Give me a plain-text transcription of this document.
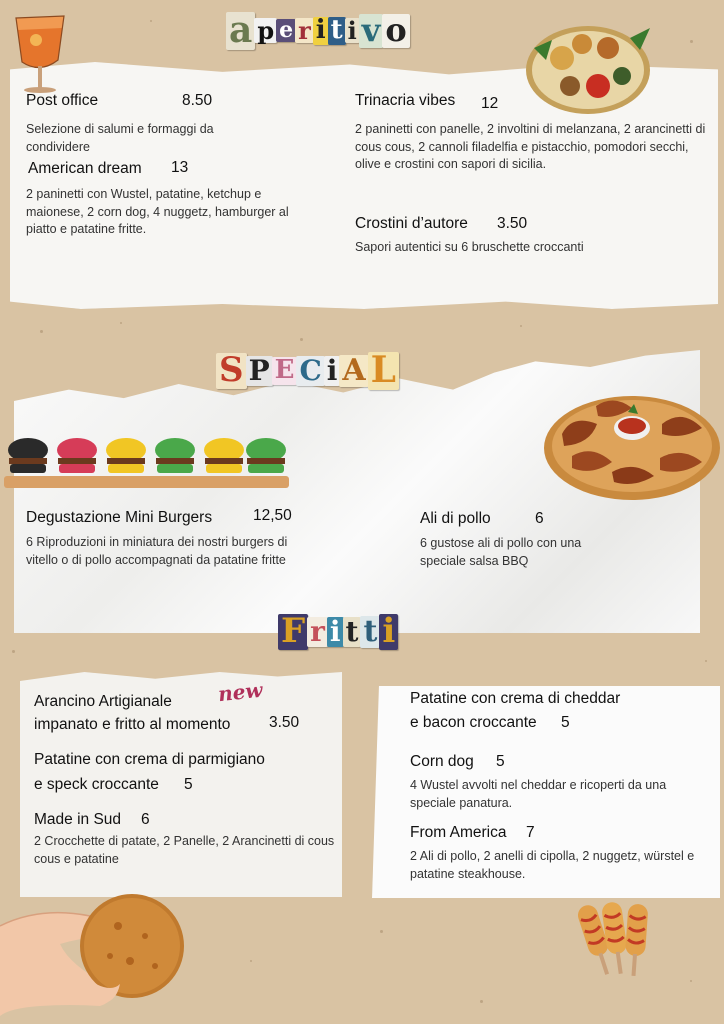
a p e r i t i v o
Post office	8.50
Selezione di salumi e formaggi da condividere
American dream 13
2 paninetti con Wustel, patatine, ketchup e maionese, 2 corn dog, 4 nuggetz, hamburger al piatto e patatine fritte.
Trinacria vibes 12
2 paninetti con panelle, 2 involtini di melanzana, 2 arancinetti di cous cous, 2 cannoli filadelfia e pistacchio, pomodori secchi, olive e crostini con sapori di sicilia.
Crostini d’autore 3.50
Sapori autentici su 6 bruschette croccanti
S P E C i A L
Degustazione Mini Burgers	12,50
6 Riproduzioni in miniatura dei nostri burgers di vitello o di pollo accompagnati da patatine fritte
Ali di pollo	6
6 gustose ali di pollo con una speciale salsa BBQ
F r i t t i
new
Arancino Artigianale
impanato e fritto al momento 3.50
Patatine con crema di parmigiano
e speck croccante 5
Made in Sud 6
2 Crocchette di patate, 2 Panelle, 2 Arancinetti di cous cous e patatine
Patatine con crema di cheddar
e bacon croccante 5
Corn dog 5
4 Wustel avvolti nel cheddar e ricoperti da una speciale panatura.
From America 7
2 Ali di pollo, 2 anelli di cipolla, 2 nuggetz, würstel e patatine steakhouse.
